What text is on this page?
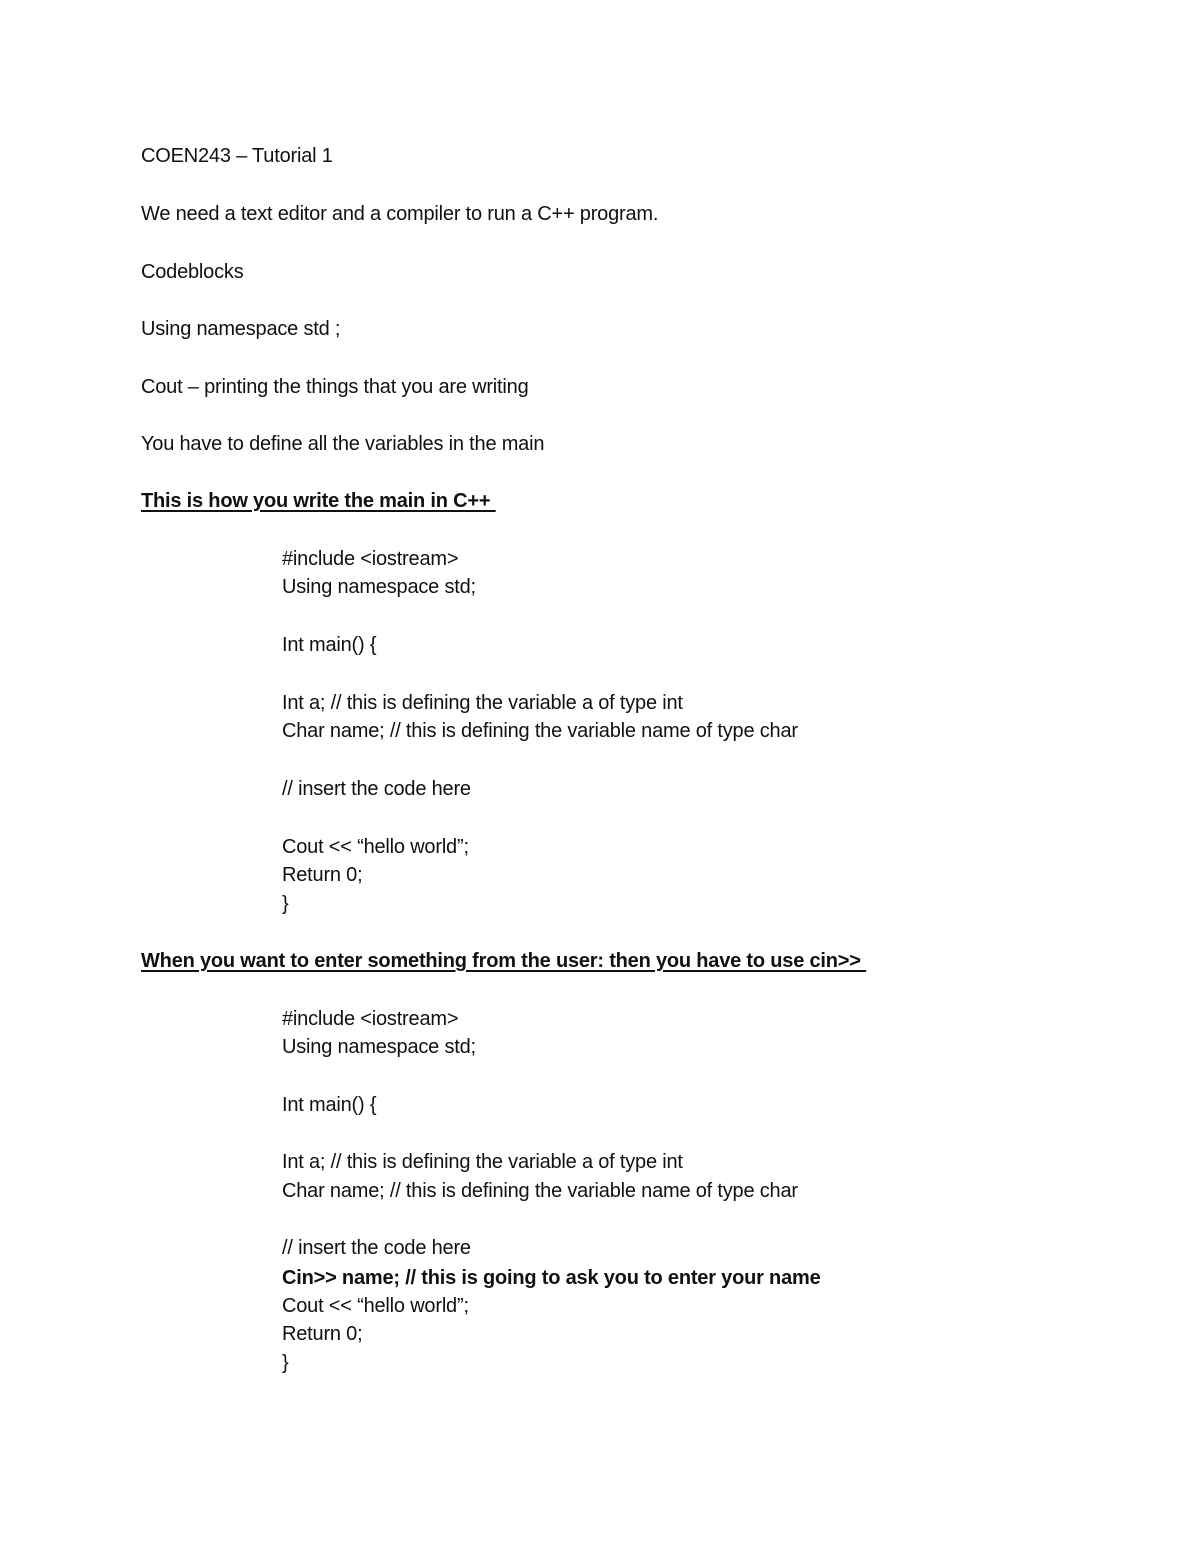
COEN243 – Tutorial 1
We need a text editor and a compiler to run a C++ program.
Codeblocks
Using namespace std ;
Cout – printing the things that you are writing
You have to define all the variables in the main
This is how you write the main in C++
#include <iostream>
Using namespace std;
Int main() {
Int a; // this is defining the variable a of type int
Char name; // this is defining the variable name of type char
// insert the code here
Cout << “hello world”;
Return 0;
}
When you want to enter something from the user: then you have to use cin>>
#include <iostream>
Using namespace std;
Int main() {
Int a; // this is defining the variable a of type int
Char name; // this is defining the variable name of type char
// insert the code here
Cin>> name; // this is going to ask you to enter your name
Cout << “hello world”;
Return 0;
}
